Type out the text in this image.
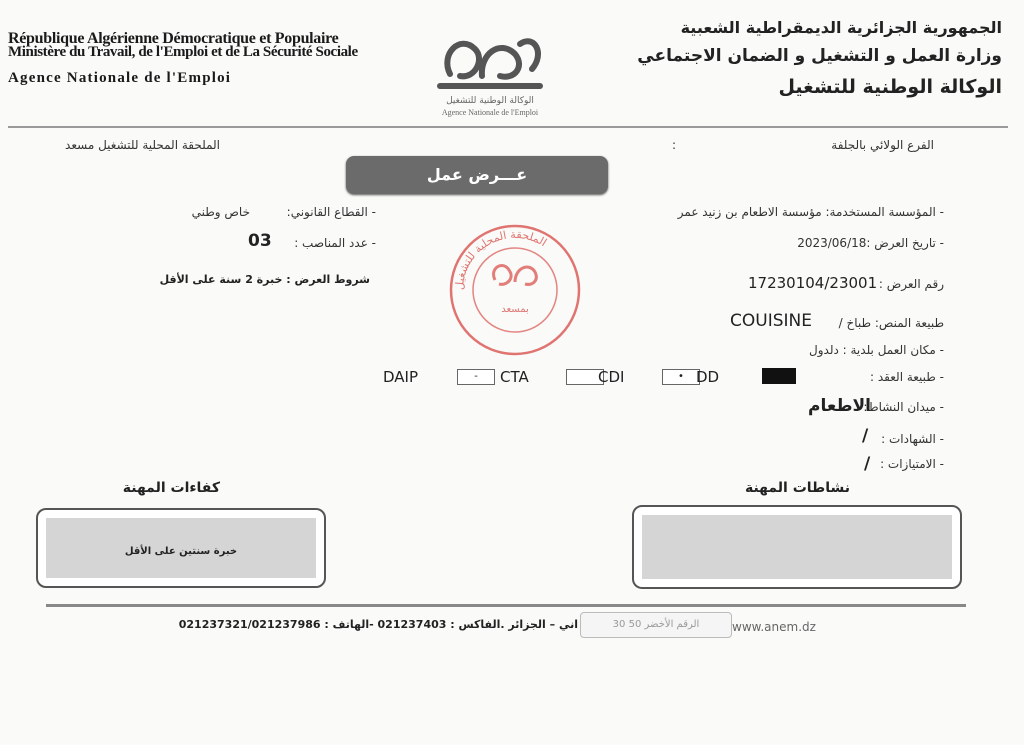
République Algérienne Démocratique et Populaire
Ministère du Travail, de l'Emploi et de La Sécurité Sociale
Agence Nationale de l'Emploi
الجمهورية الجزائرية الديمقراطية الشعبية
وزارة العمل و التشغيل و الضمان الاجتماعي
الوكالة الوطنية للتشغيل
الوكالة الوطنية للتشغيل
Agence Nationale de l'Emploi
الفرع الولائي بالجلفة
:
الملحقة المحلية للتشغيل مسعد
عـــرض عمل
- المؤسسة المستخدمة: مؤسسة الاطعام بن زنيد عمر
- تاريخ العرض :2023/06/18
رقم العرض :
17230104/23001
طبيعة المنص: طباخ /
COUISINE
- مكان العمل بلدية : دلدول
- طبيعة العقد :
- ميدان النشاط:
الاطعام
- الشهادات :
/
- الامتيازات :
/
- القطاع القانوني:
خاص وطني
- عدد المناصب :
03
شروط العرض : خبرة 2 سنة على الأقل
DAIP	-	CTA	CDI	• DD
الملحقة المحلية للتشغيل
بمسعد
كفاءات المهنة
خبرة سنتين على الأقل
نشاطات المهنة
اني – الجزائر .الفاكس : 021237403 -الهاتف : 021237321/021237986	الرقم الأخضر 50 30	www.anem.dz
